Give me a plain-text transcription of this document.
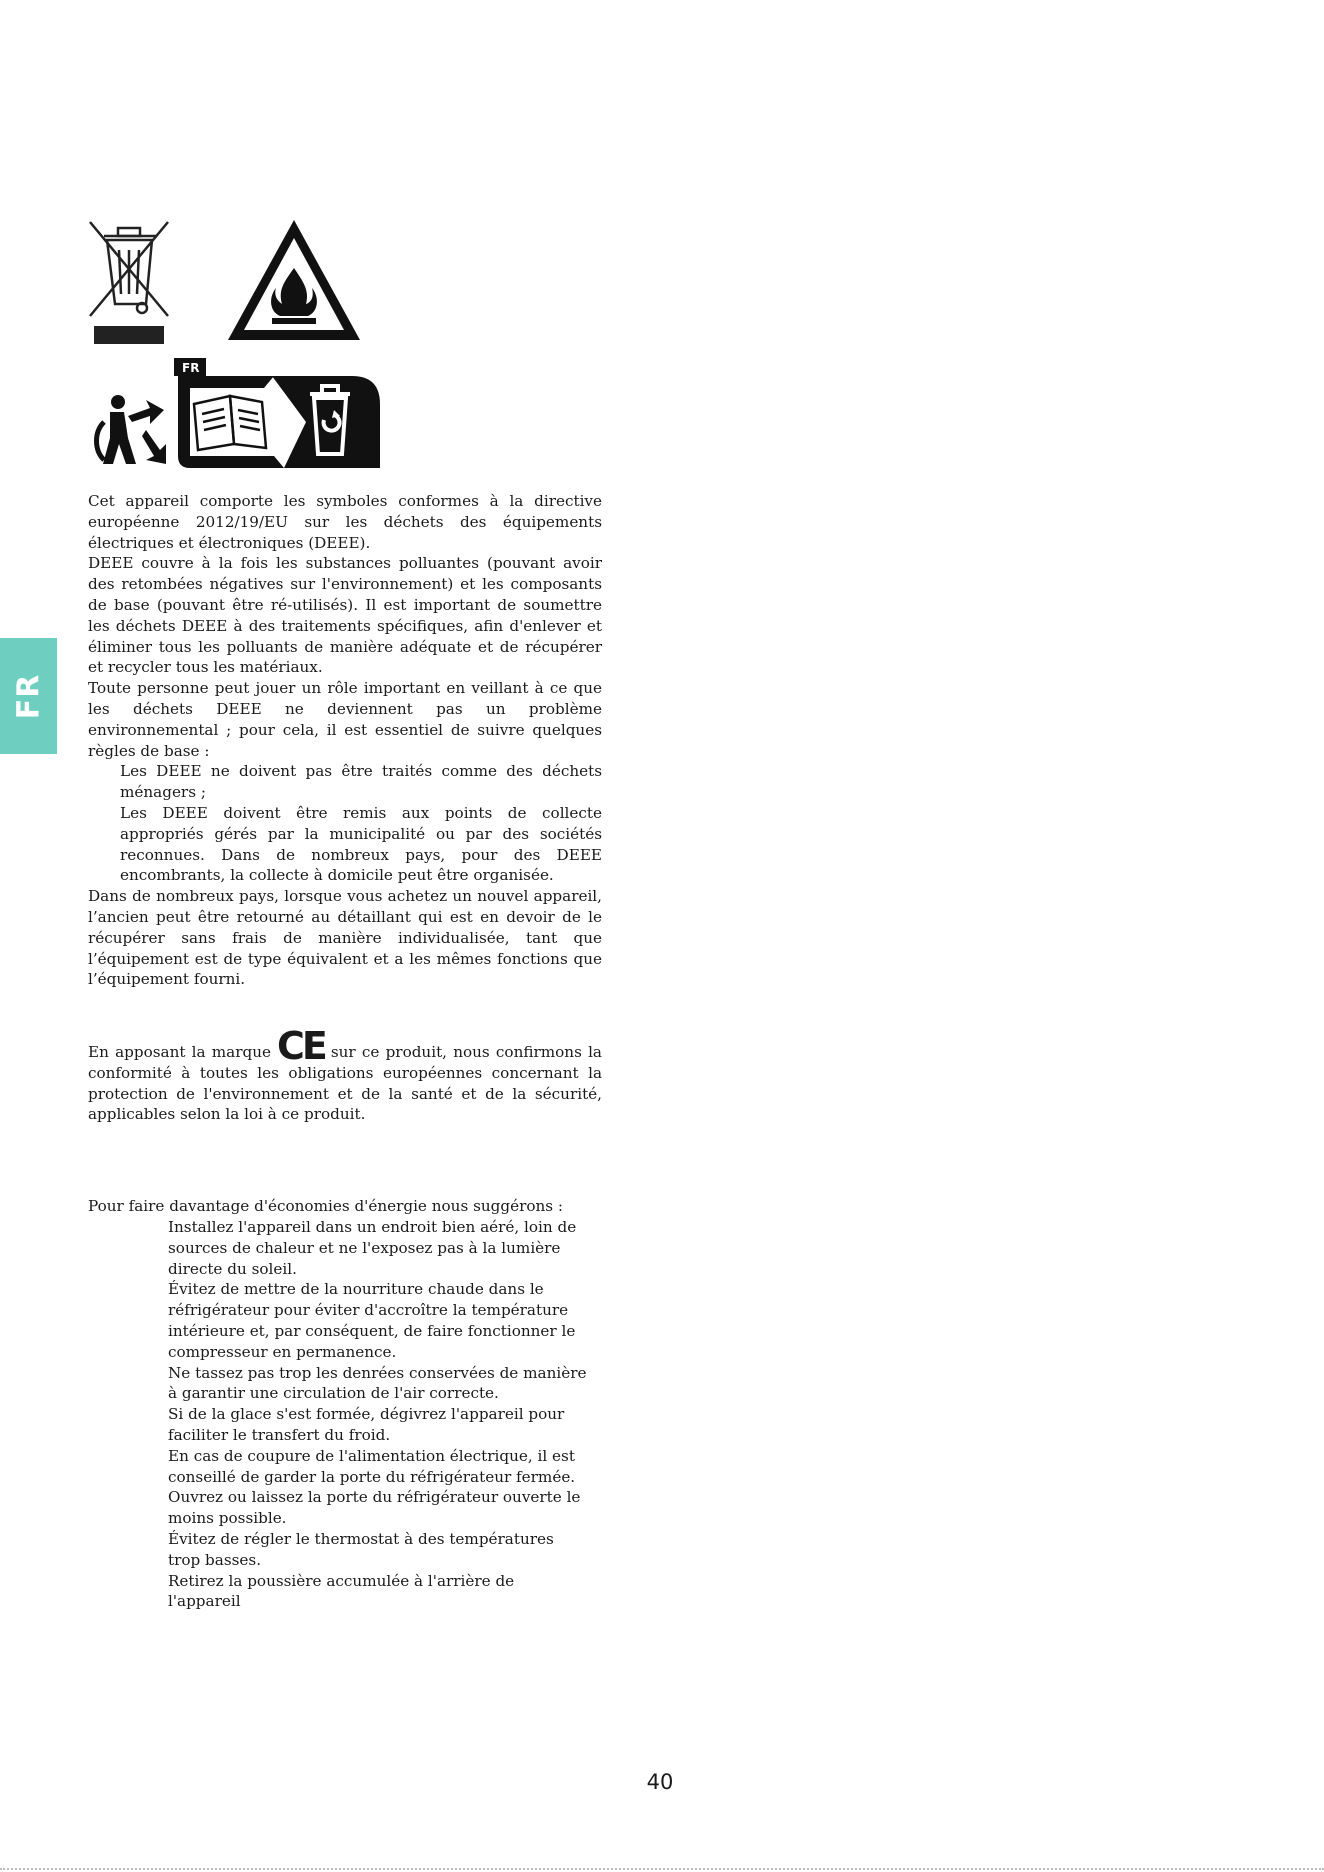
FR
FR

Cet appareil comporte les symboles conformes à la directive européenne 2012/19/EU sur les déchets des équipements électriques et électroniques (DEEE).

DEEE couvre à la fois les substances polluantes (pouvant avoir des retombées négatives sur l'environnement) et les composants de base (pouvant être ré-utilisés). Il est important de soumettre les déchets DEEE à des traitements spécifiques, afin d'enlever et éliminer tous les polluants de manière adéquate et de récupérer et recycler tous les matériaux.

Toute personne peut jouer un rôle important en veillant à ce que les déchets DEEE ne deviennent pas un problème environnemental ; pour cela, il est essentiel de suivre quelques règles de base :

Les DEEE ne doivent pas être traités comme des déchets ménagers ;

Les DEEE doivent être remis aux points de collecte appropriés gérés par la municipalité ou par des sociétés reconnues. Dans de nombreux pays, pour des DEEE encombrants, la collecte à domicile peut être organisée.

Dans de nombreux pays, lorsque vous achetez un nouvel appareil, l’ancien peut être retourné au détaillant qui est en devoir de le récupérer sans frais de manière individualisée, tant que l’équipement est de type équivalent et a les mêmes fonctions que l’équipement fourni.

En apposant la marque CE sur ce produit, nous confirmons la conformité à toutes les obligations européennes concernant la protection de l'environnement et de la santé et de la sécurité, applicables selon la loi à ce produit.

Pour faire davantage d'économies d'énergie nous suggérons :

Installez l'appareil dans un endroit bien aéré, loin de sources de chaleur et ne l'exposez pas à la lumière directe du soleil.

Évitez de mettre de la nourriture chaude dans le réfrigérateur pour éviter d'accroître la température intérieure et, par conséquent, de faire fonctionner le compresseur en permanence.

Ne tassez pas trop les denrées conservées de manière à garantir une circulation de l'air correcte.

Si de la glace s'est formée, dégivrez l'appareil pour faciliter le transfert du froid.

En cas de coupure de l'alimentation électrique, il est conseillé de garder la porte du réfrigérateur fermée.

Ouvrez ou laissez la porte du réfrigérateur ouverte le moins possible.

Évitez de régler le thermostat à des températures trop basses.

Retirez la poussière accumulée à l'arrière de l'appareil

40
